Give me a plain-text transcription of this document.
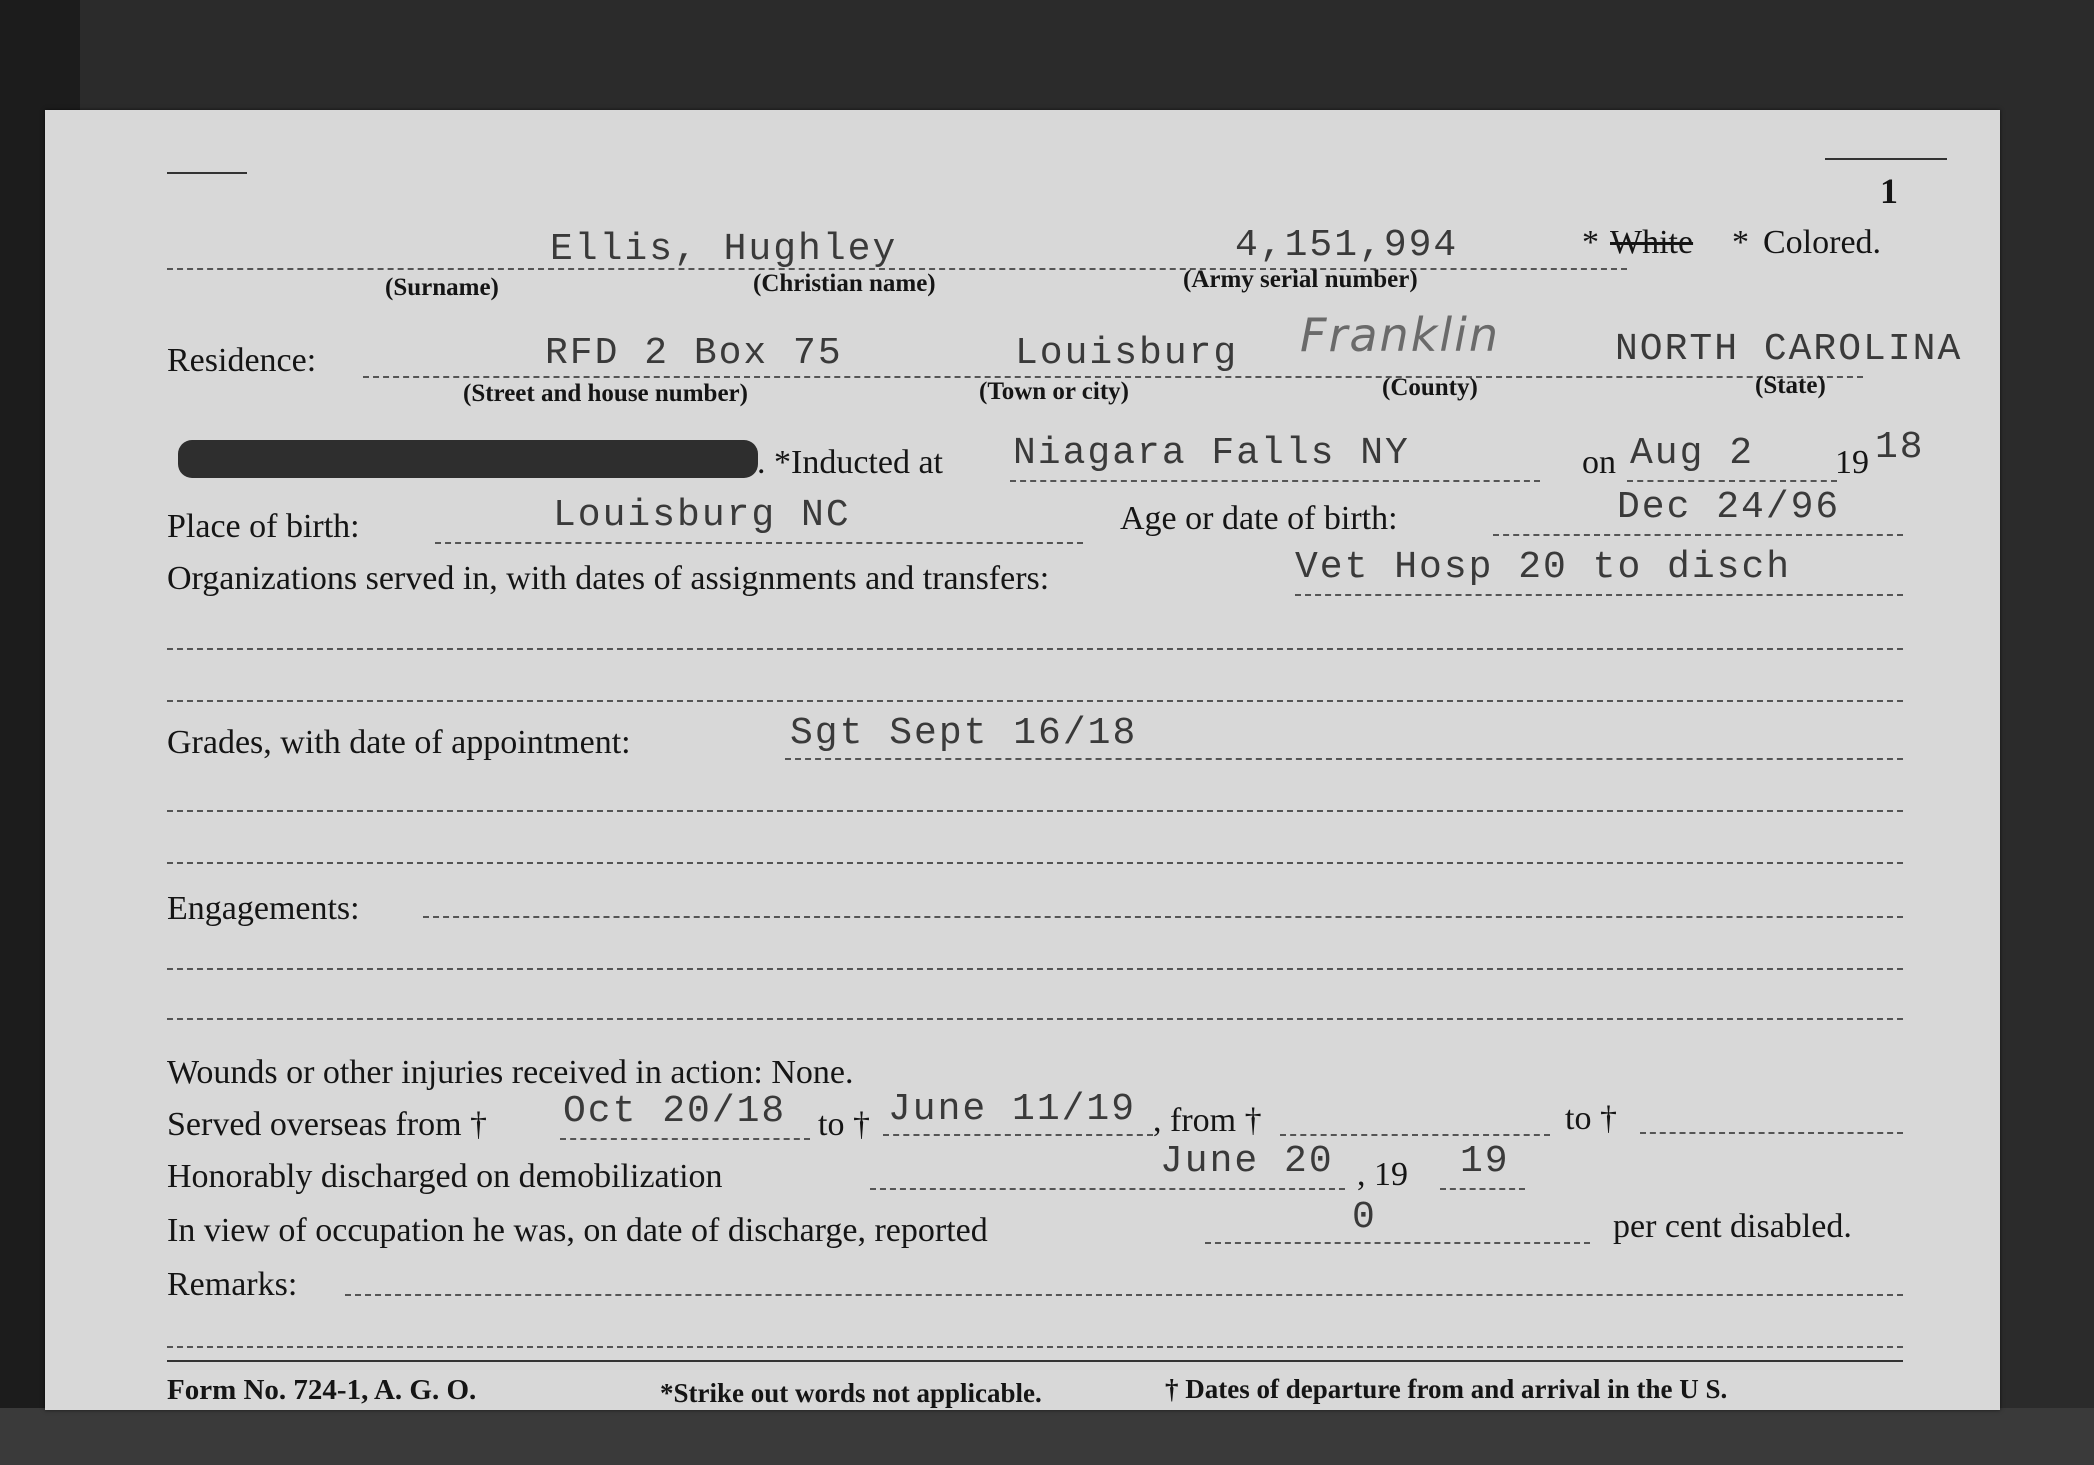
1
Ellis, Hughley	4,151,994	* White * Colored.
(Surname)	(Christian name)	(Army serial number)
Residence:	RFD 2 Box 75	Louisburg Franklin	NORTH CAROLINA
(Street and house number)	(Town or city)	(County)	(State)
. *Inducted at Niagara Falls NY	on Aug 2 19 18
Place of birth:	Louisburg NC	Age or date of birth:	Dec 24/96
Organizations served in, with dates of assignments and transfers:	Vet Hosp 20 to disch
Grades, with date of appointment:	Sgt Sept 16/18
Engagements:
Wounds or other injuries received in action: None.
Served overseas from † Oct 20/18 to † June 11/19 , from †	to †
Honorably discharged on demobilization	June 20 , 19 19
In view of occupation he was, on date of discharge, reported	0	per cent disabled.
Remarks:
Form No. 724-1, A. G. O.	*Strike out words not applicable.	† Dates of departure from and arrival in the U S.
